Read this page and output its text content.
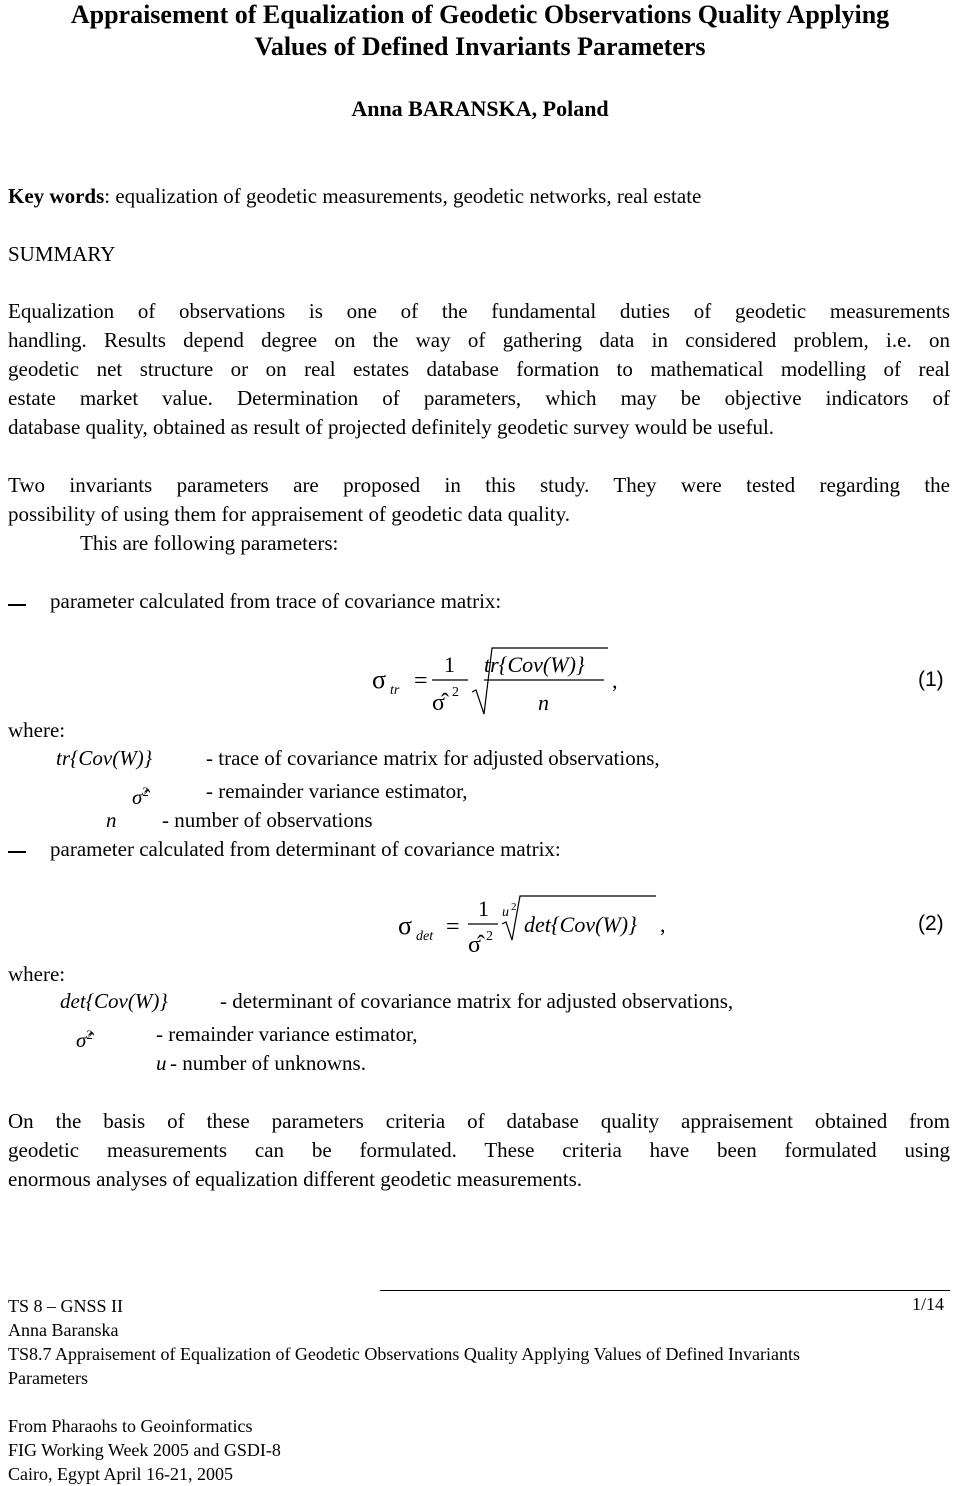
Appraisement of Equalization of Geodetic Observations Quality Applying
Values of Defined Invariants Parameters
Anna BARANSKA, Poland
Key words: equalization of geodetic measurements, geodetic networks, real estate
SUMMARY
Equalization of observations is one of the fundamental duties of geodetic measurements
handling. Results depend degree on the way of gathering data in considered problem, i.e. on
geodetic net structure or on real estates database formation to mathematical modelling of real
estate market value. Determination of parameters, which may be objective indicators of
database quality, obtained as result of projected definitely geodetic survey would be useful.
Two invariants parameters are proposed in this study. They were tested regarding the
possibility of using them for appraisement of geodetic data quality.
This are following parameters:
parameter calculated from trace of covariance matrix:
σ tr =
1
σ̂ 2
tr{Cov(W)}
n
,	(1)
where:
tr{Cov(W)}	- trace of covariance matrix for adjusted observations,
σ̂$^2$	- remainder variance estimator,
n - number of observations
parameter calculated from determinant of covariance matrix:
σ det =
1
σ̂ 2
u 2
det{Cov(W)} ,	(2)
where:
det{Cov(W)} - determinant of covariance matrix for adjusted observations,
σ̂$^2$	- remainder variance estimator,
u - number of unknowns.
On the basis of these parameters criteria of database quality appraisement obtained from
geodetic measurements can be formulated. These criteria have been formulated using
enormous analyses of equalization different geodetic measurements.
TS 8 – GNSS II	1/14
Anna Baranska
TS8.7 Appraisement of Equalization of Geodetic Observations Quality Applying Values of Defined Invariants
Parameters
From Pharaohs to Geoinformatics
FIG Working Week 2005 and GSDI-8
Cairo, Egypt April 16-21, 2005
